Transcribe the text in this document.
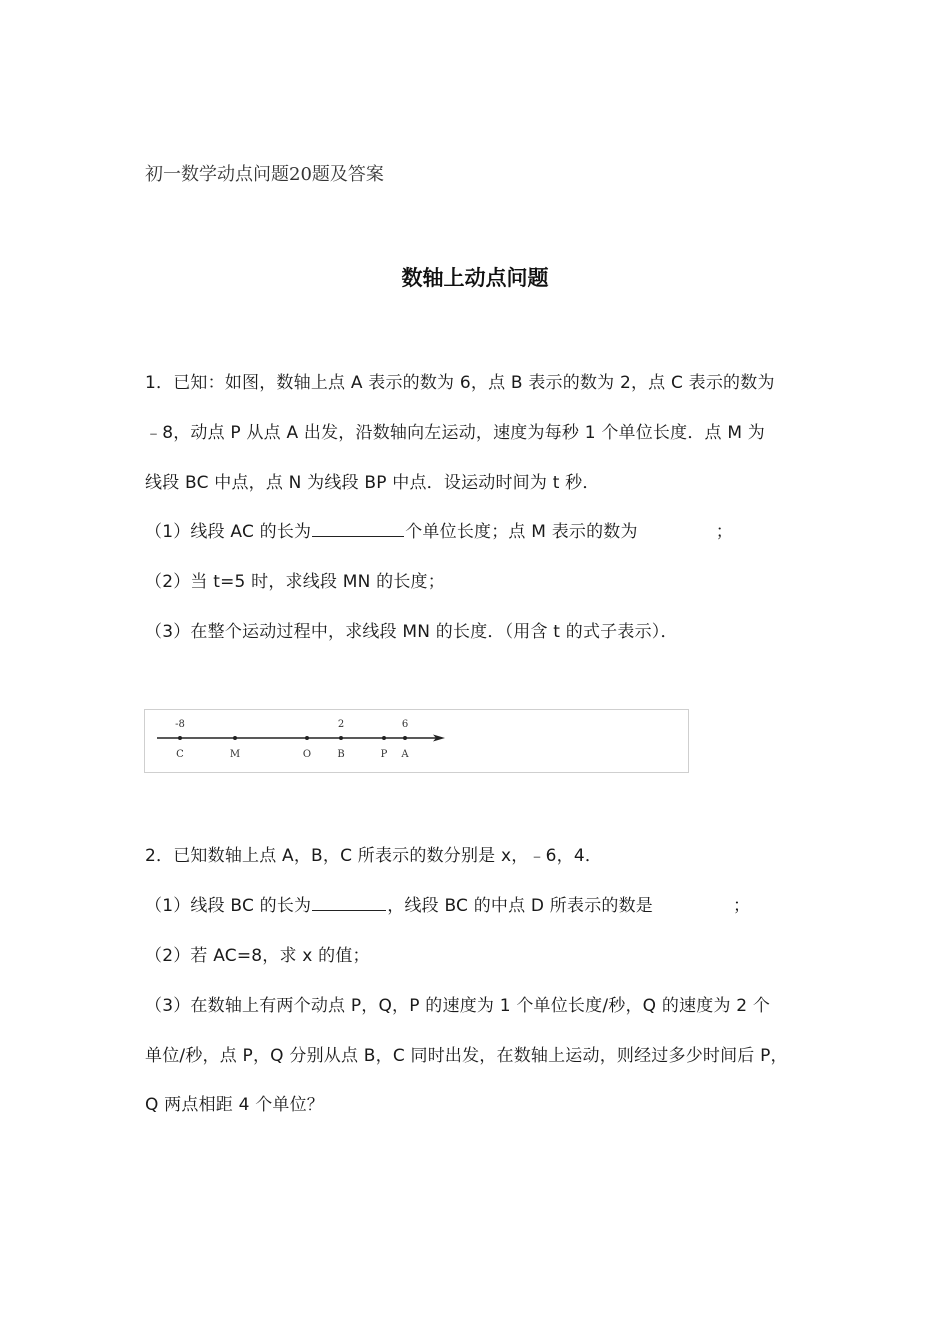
初一数学动点问题20题及答案
数轴上动点问题
1．已知：如图，数轴上点 A 表示的数为 6，点 B 表示的数为 2，点 C 表示的数为
﹣8，动点 P 从点 A 出发，沿数轴向左运动，速度为每秒 1 个单位长度．点 M 为
线段 BC 中点，点 N 为线段 BP 中点．设运动时间为 t 秒．
（1）线段 AC 的长为	个单位长度；点 M 表示的数为	；
（2）当 t=5 时，求线段 MN 的长度；
（3）在整个运动过程中，求线段 MN 的长度．（用含 t 的式子表示）．
C
-8
M	O	B
2
P A
6
2．已知数轴上点 A，B，C 所表示的数分别是 x，﹣6，4．
（1）线段 BC 的长为	，线段 BC 的中点 D 所表示的数是	；
（2）若 AC=8，求 x 的值；
（3）在数轴上有两个动点 P，Q，P 的速度为 1 个单位长度/秒，Q 的速度为 2 个
单位/秒，点 P，Q 分别从点 B，C 同时出发，在数轴上运动，则经过多少时间后 P，
Q 两点相距 4 个单位？
